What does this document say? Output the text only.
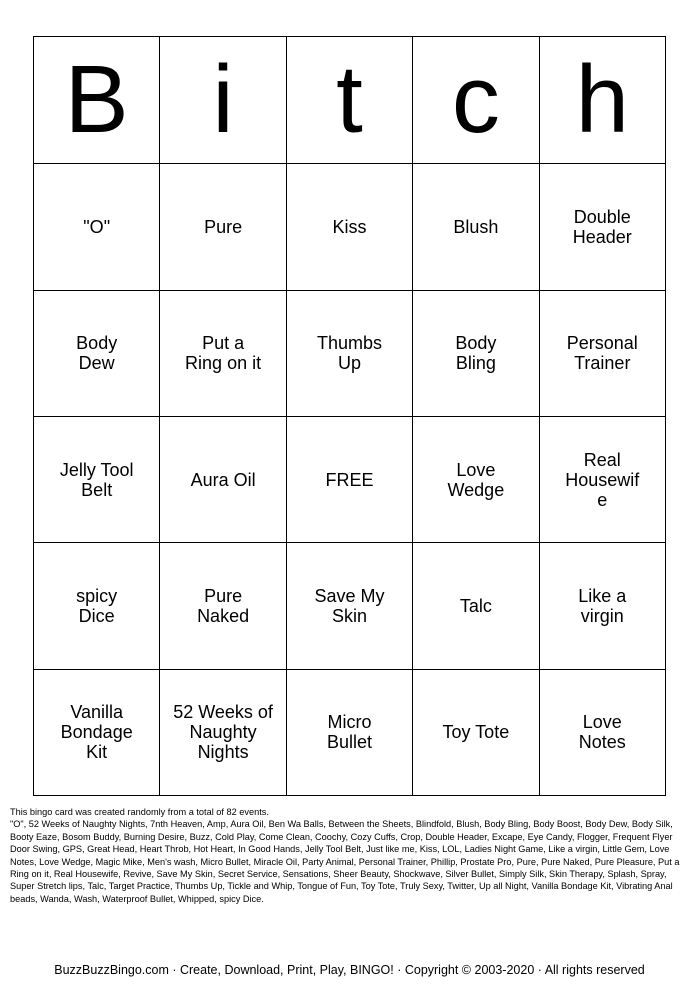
B	i	t	c	h
"O"	Pure	Kiss	Blush	Double Header
Body Dew	Put a Ring on it	Thumbs Up	Body Bling	Personal Trainer
Jelly Tool Belt	Aura Oil	FREE	Love Wedge	Real Housewife
spicy Dice	Pure Naked	Save My Skin	Talc	Like a virgin
Vanilla Bondage Kit	52 Weeks of Naughty Nights	Micro Bullet	Toy Tote	Love Notes

This bingo card was created randomly from a total of 82 events.

"O", 52 Weeks of Naughty Nights, 7nth Heaven, Amp, Aura Oil, Ben Wa Balls, Between the Sheets, Blindfold, Blush, Body Bling, Body Boost, Body Dew, Body Silk, Booty Eaze, Bosom Buddy, Burning Desire, Buzz, Cold Play, Come Clean, Coochy, Cozy Cuffs, Crop, Double Header, Excape, Eye Candy, Flogger, Frequent Flyer Door Swing, GPS, Great Head, Heart Throb, Hot Heart, In Good Hands, Jelly Tool Belt, Just like me, Kiss, LOL, Ladies Night Game, Like a virgin, Little Gem, Love Notes, Love Wedge, Magic Mike, Men's wash, Micro Bullet, Miracle Oil, Party Animal, Personal Trainer, Phillip, Prostate Pro, Pure, Pure Naked, Pure Pleasure, Put a Ring on it, Real Housewife, Revive, Save My Skin, Secret Service, Sensations, Sheer Beauty, Shockwave, Silver Bullet, Simply Silk, Skin Therapy, Splash, Spray, Super Stretch lips, Talc, Target Practice, Thumbs Up, Tickle and Whip, Tongue of Fun, Toy Tote, Truly Sexy, Twitter, Up all Night, Vanilla Bondage Kit, Vibrating Anal beads, Wanda, Wash, Waterproof Bullet, Whipped, spicy Dice.

BuzzBuzzBingo.com · Create, Download, Print, Play, BINGO! · Copyright © 2003-2020 · All rights reserved
